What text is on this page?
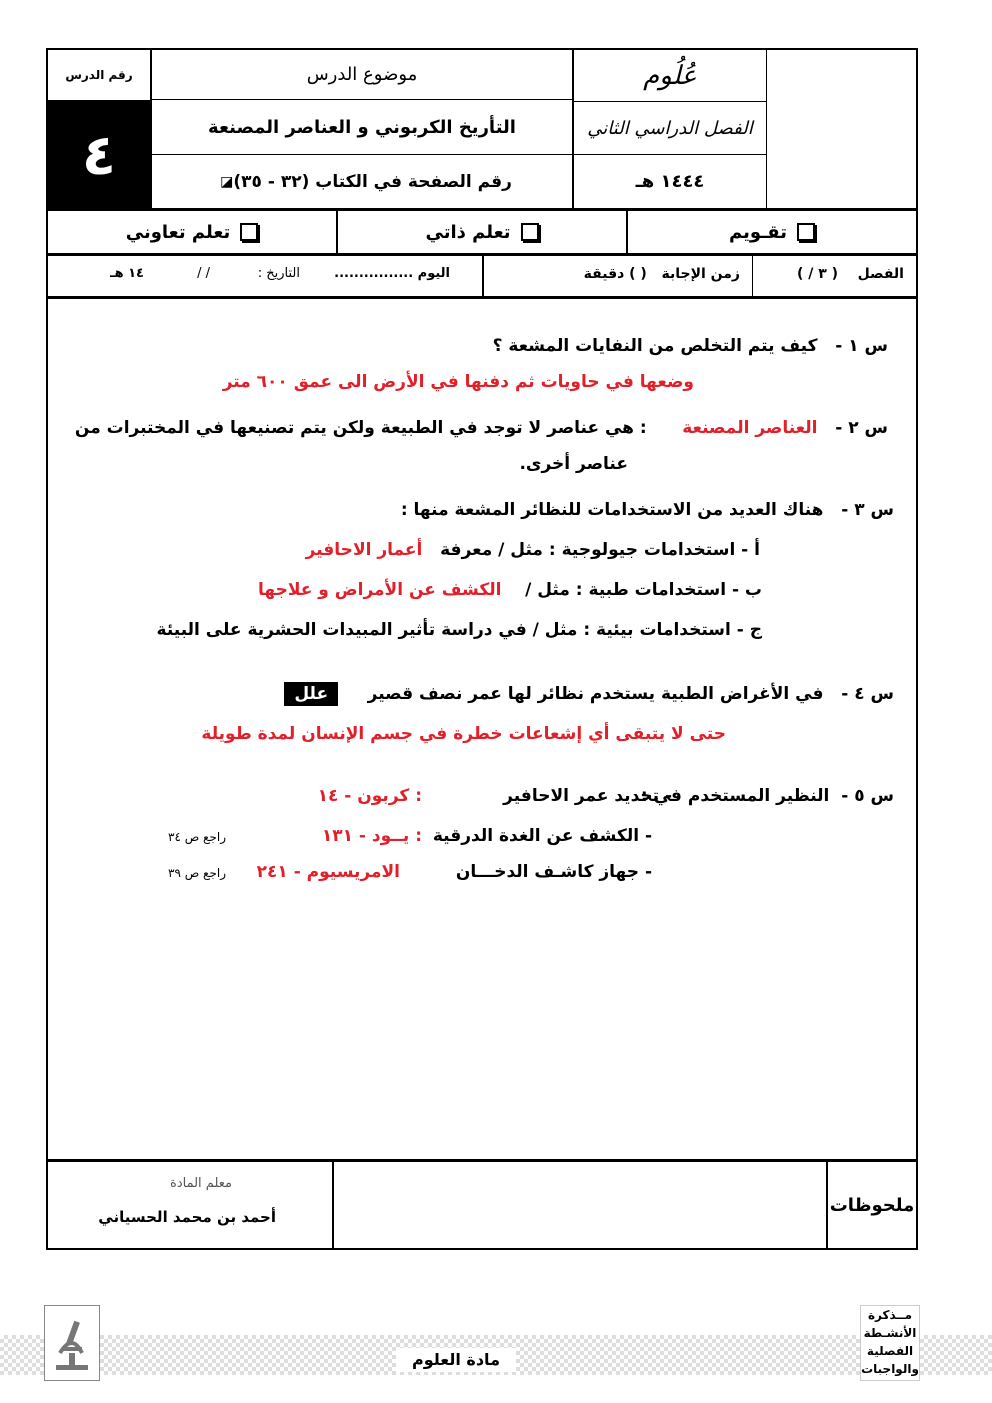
رقم الدرس
٤
موضوع الدرس
التأريخ الكربوني و العناصر المصنعة
◪ رقم الصفحة في الكتاب (٣٢ - ٣٥)
عُلُوم
الفصل الدراسي الثاني
١٤٤٤ هـ
تعلم تعاوني	تعلم ذاتي	تقـويم
الفصل    ( ٣ / )
زمن الإجابة   ( ) دقيقة
اليوم ................
التاريخ :
/ /
١٤ هـ
س ١ -   كيف يتم التخلص من النفايات المشعة ؟
وضعها في حاويات ثم دفنها في الأرض الى عمق ٦٠٠ متر
س ٢ -   العناصر المصنعة      : هي عناصر لا توجد في الطبيعة ولكن يتم تصنيعها في المختبرات من
عناصر أخرى.
س ٣ -   هناك العديد من الاستخدامات للنظائر المشعة منها :
أ - استخدامات جيولوجية : مثل / معرفة   أعمار الاحافير
ب - استخدامات طبية : مثل /    الكشف عن الأمراض و علاجها
ج - استخدامات بيئية : مثل / في دراسة تأثير المبيدات الحشرية على البيئة
س ٤ -   في الأغراض الطبية يستخدم نظائر لها عمر نصف قصير     علل
حتى لا يتبقى أي إشعاعات خطرة في جسم الإنسان لمدة طويلة
س ٥ -  النظير المستخدم في :
- تحديد عمر الاحافير
: كربون - ١٤
- الكشف عن الغدة الدرقية
: يــود - ١٣١
راجع ص ٣٤
- جهاز كاشـف الدخـــان
الامريسيوم - ٢٤١
راجع ص ٣٩
ملحوظات
معلم المادة
أحمد بن محمد الحسياني
مادة العلوم
مــذكرة الأنشـطة الفصلية والواجبات
